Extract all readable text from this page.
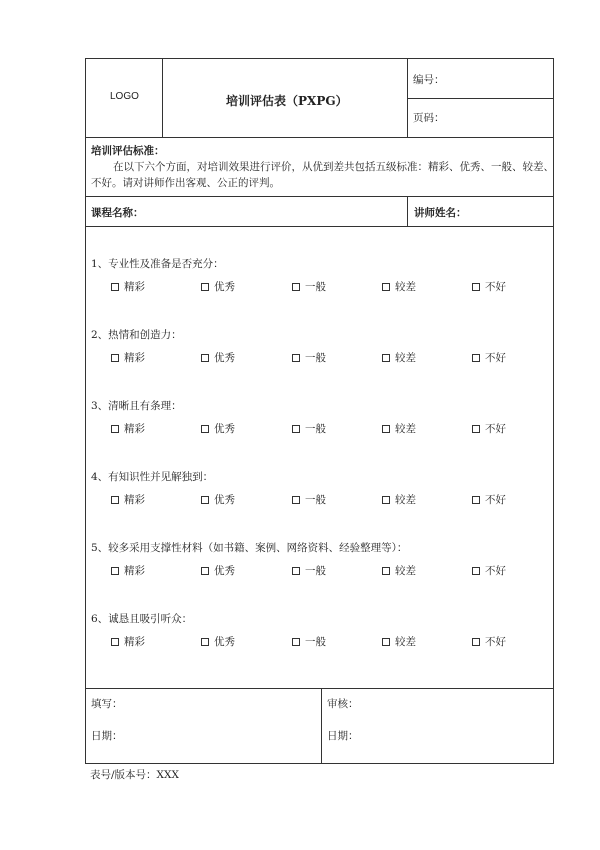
LOGO	培训评估表（PXPG）
编号：
页码：
培训评估标准：
在以下六个方面，对培训效果进行评价，从优到差共包括五级标准：精彩、优秀、一般、较差、
不好。请对讲师作出客观、公正的评判。
课程名称：	讲师姓名：
1、专业性及准备是否充分：
精彩	优秀	一般	较差	不好
2、热情和创造力：
精彩	优秀	一般	较差	不好
3、清晰且有条理：
精彩	优秀	一般	较差	不好
4、有知识性并见解独到：
精彩	优秀	一般	较差	不好
5、较多采用支撑性材料（如书籍、案例、网络资料、经验整理等）：
精彩	优秀	一般	较差	不好
6、诚恳且吸引听众：
精彩	优秀	一般	较差	不好
填写：	审核：
日期：	日期：
表号/版本号：XXX
